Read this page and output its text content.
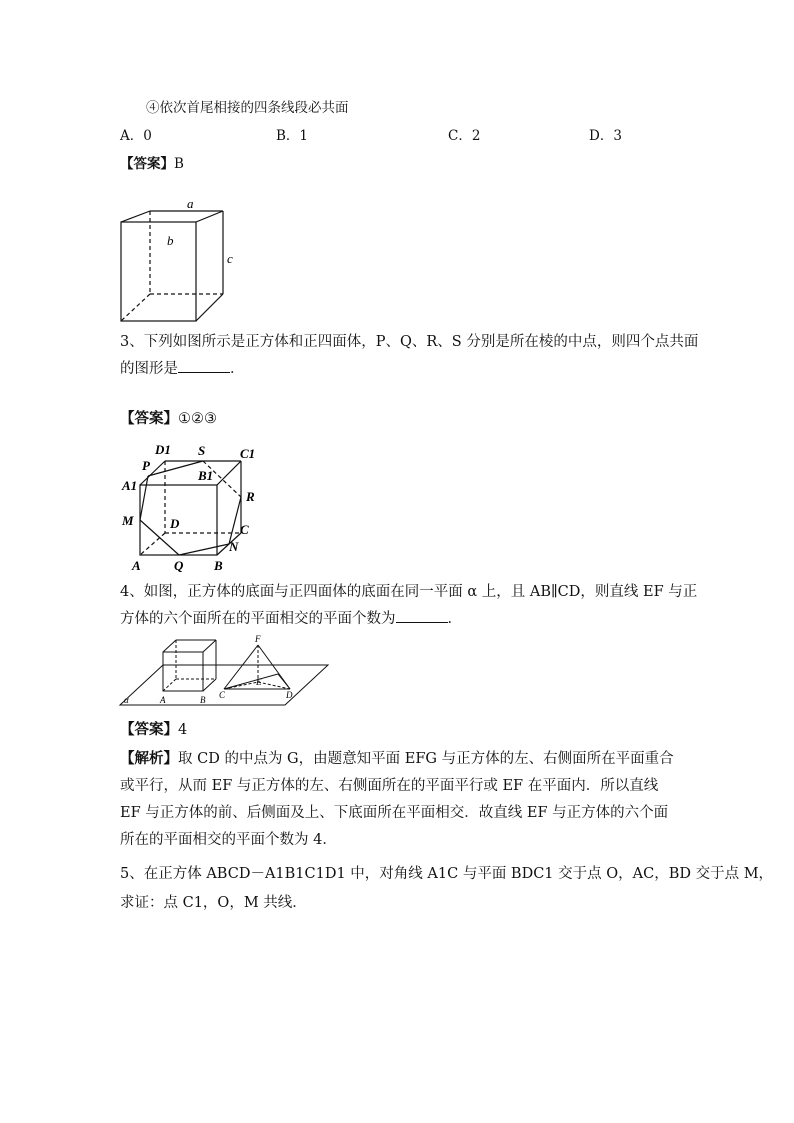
④依次首尾相接的四条线段必共面
A．0	B．1	C．2	D．3
【答案】B
a
b
c
3、下列如图所示是正方体和正四面体，P、Q、R、S 分别是所在棱的中点，则四个点共面
的图形是	．
【答案】①②③
D1 S	C1
P
B1
A1
R
M	D	C
N
A	Q B
4、如图，正方体的底面与正四面体的底面在同一平面 α 上，且 AB∥CD，则直线 EF 与正
方体的六个面所在的平面相交的平面个数为	．
α	A	B
F
E
C	D
【答案】4
【解析】取 CD 的中点为 G，由题意知平面 EFG 与正方体的左、右侧面所在平面重合或平行，从而 EF 与正方体的左、右侧面所在的平面平行或 EF 在平面内．所以直线 EF 与正方体的前、后侧面及上、下底面所在平面相交．故直线 EF 与正方体的六个面所在的平面相交的平面个数为 4．
5、在正方体 ABCD－A1B1C1D1 中，对角线 A1C 与平面 BDC1 交于点 O，AC，BD 交于点 M，
求证：点 C1，O，M 共线．
